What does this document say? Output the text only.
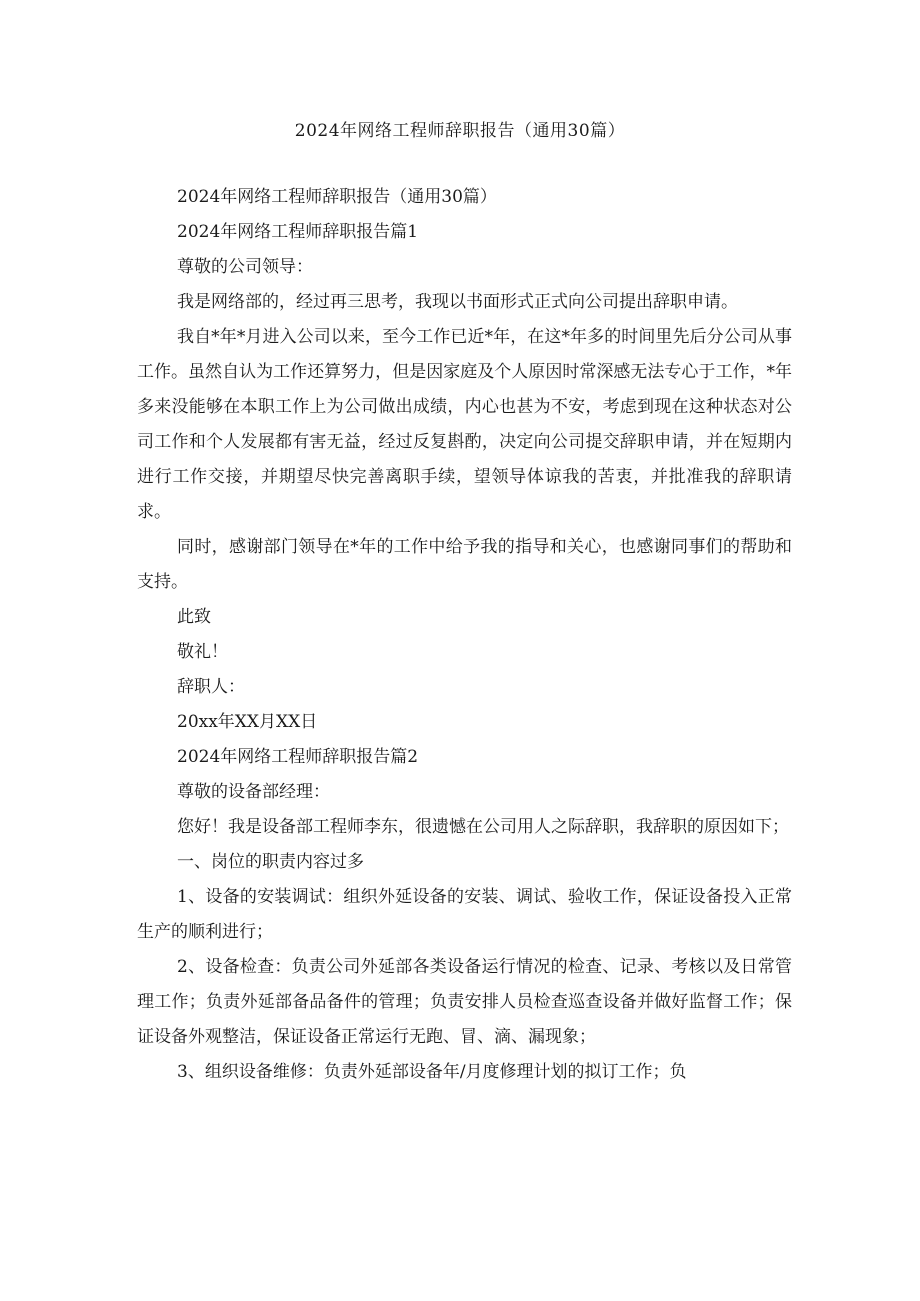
2024年网络工程师辞职报告（通用30篇）

2024年网络工程师辞职报告（通用30篇）

2024年网络工程师辞职报告篇1

尊敬的公司领导：

我是网络部的，经过再三思考，我现以书面形式正式向公司提出辞职申请。

我自*年*月进入公司以来，至今工作已近*年，在这*年多的时间里先后分公司从事工作。虽然自认为工作还算努力，但是因家庭及个人原因时常深感无法专心于工作，*年多来没能够在本职工作上为公司做出成绩，内心也甚为不安，考虑到现在这种状态对公司工作和个人发展都有害无益，经过反复斟酌，决定向公司提交辞职申请，并在短期内进行工作交接，并期望尽快完善离职手续，望领导体谅我的苦衷，并批准我的辞职请求。

同时，感谢部门领导在*年的工作中给予我的指导和关心，也感谢同事们的帮助和支持。

此致

敬礼！

辞职人：

20xx年XX月XX日

2024年网络工程师辞职报告篇2

尊敬的设备部经理：

您好！我是设备部工程师李东，很遗憾在公司用人之际辞职，我辞职的原因如下；

一、岗位的职责内容过多

1、设备的安装调试：组织外延设备的安装、调试、验收工作，保证设备投入正常生产的顺利进行；

2、设备检查：负责公司外延部各类设备运行情况的检查、记录、考核以及日常管理工作；负责外延部备品备件的管理；负责安排人员检查巡查设备并做好监督工作；保证设备外观整洁，保证设备正常运行无跑、冒、滴、漏现象；

3、组织设备维修：负责外延部设备年/月度修理计划的拟订工作；负
